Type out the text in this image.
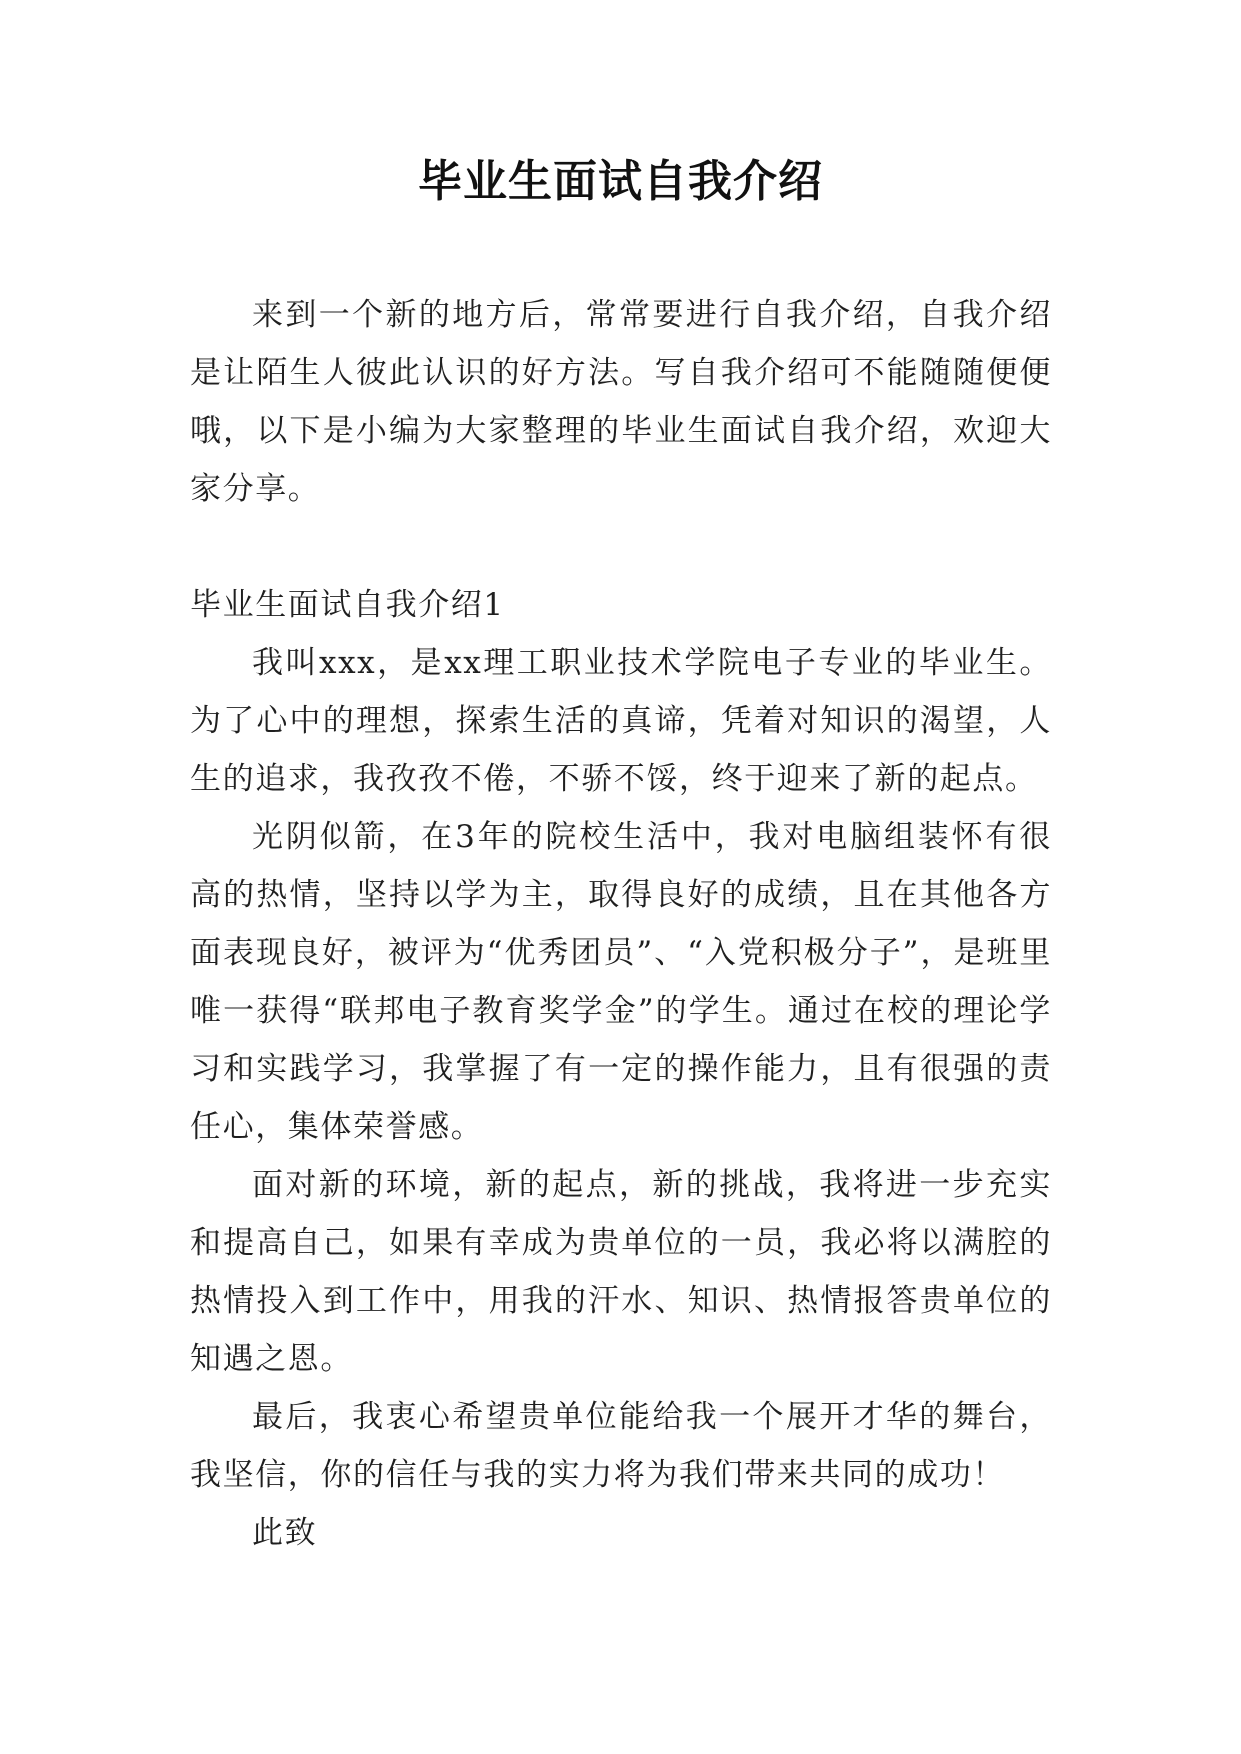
毕业生面试自我介绍

来到一个新的地方后，常常要进行自我介绍，自我介绍是让陌生人彼此认识的好方法。写自我介绍可不能随随便便哦，以下是小编为大家整理的毕业生面试自我介绍，欢迎大家分享。

毕业生面试自我介绍1

我叫xxx，是xx理工职业技术学院电子专业的毕业生。为了心中的理想，探索生活的真谛，凭着对知识的渴望，人生的追求，我孜孜不倦，不骄不馁，终于迎来了新的起点。

光阴似箭，在3年的院校生活中，我对电脑组装怀有很高的热情，坚持以学为主，取得良好的成绩，且在其他各方面表现良好，被评为“优秀团员”、“入党积极分子”，是班里唯一获得“联邦电子教育奖学金”的学生。通过在校的理论学习和实践学习，我掌握了有一定的操作能力，且有很强的责任心，集体荣誉感。

面对新的环境，新的起点，新的挑战，我将进一步充实和提高自己，如果有幸成为贵单位的一员，我必将以满腔的热情投入到工作中，用我的汗水、知识、热情报答贵单位的知遇之恩。

最后，我衷心希望贵单位能给我一个展开才华的舞台，我坚信，你的信任与我的实力将为我们带来共同的成功！

此致
